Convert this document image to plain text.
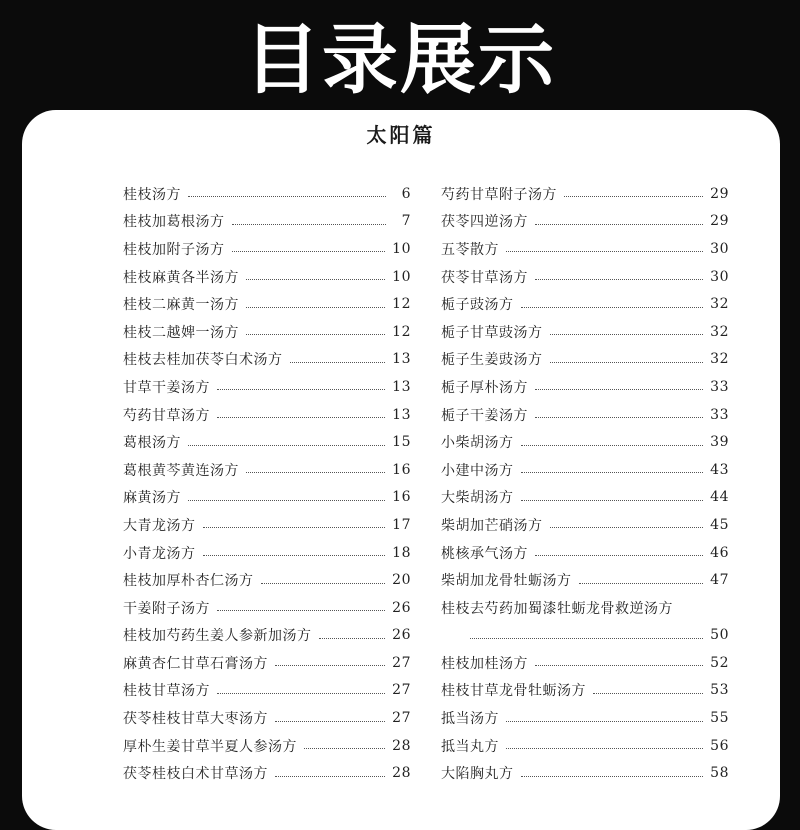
目录展示
太阳篇
桂枝汤方	6
桂枝加葛根汤方	7
桂枝加附子汤方	10
桂枝麻黄各半汤方	10
桂枝二麻黄一汤方	12
桂枝二越婢一汤方	12
桂枝去桂加茯苓白术汤方	13
甘草干姜汤方	13
芍药甘草汤方	13
葛根汤方	15
葛根黄芩黄连汤方	16
麻黄汤方	16
大青龙汤方	17
小青龙汤方	18
桂枝加厚朴杏仁汤方	20
干姜附子汤方	26
桂枝加芍药生姜人参新加汤方	26
麻黄杏仁甘草石膏汤方	27
桂枝甘草汤方	27
茯苓桂枝甘草大枣汤方	27
厚朴生姜甘草半夏人参汤方	28
茯苓桂枝白术甘草汤方	28
芍药甘草附子汤方	29
茯苓四逆汤方	29
五苓散方	30
茯苓甘草汤方	30
栀子豉汤方	32
栀子甘草豉汤方	32
栀子生姜豉汤方	32
栀子厚朴汤方	33
栀子干姜汤方	33
小柴胡汤方	39
小建中汤方	43
大柴胡汤方	44
柴胡加芒硝汤方	45
桃核承气汤方	46
柴胡加龙骨牡蛎汤方	47
桂枝去芍药加蜀漆牡蛎龙骨救逆汤方
50
桂枝加桂汤方	52
桂枝甘草龙骨牡蛎汤方	53
抵当汤方	55
抵当丸方	56
大陷胸丸方	58
